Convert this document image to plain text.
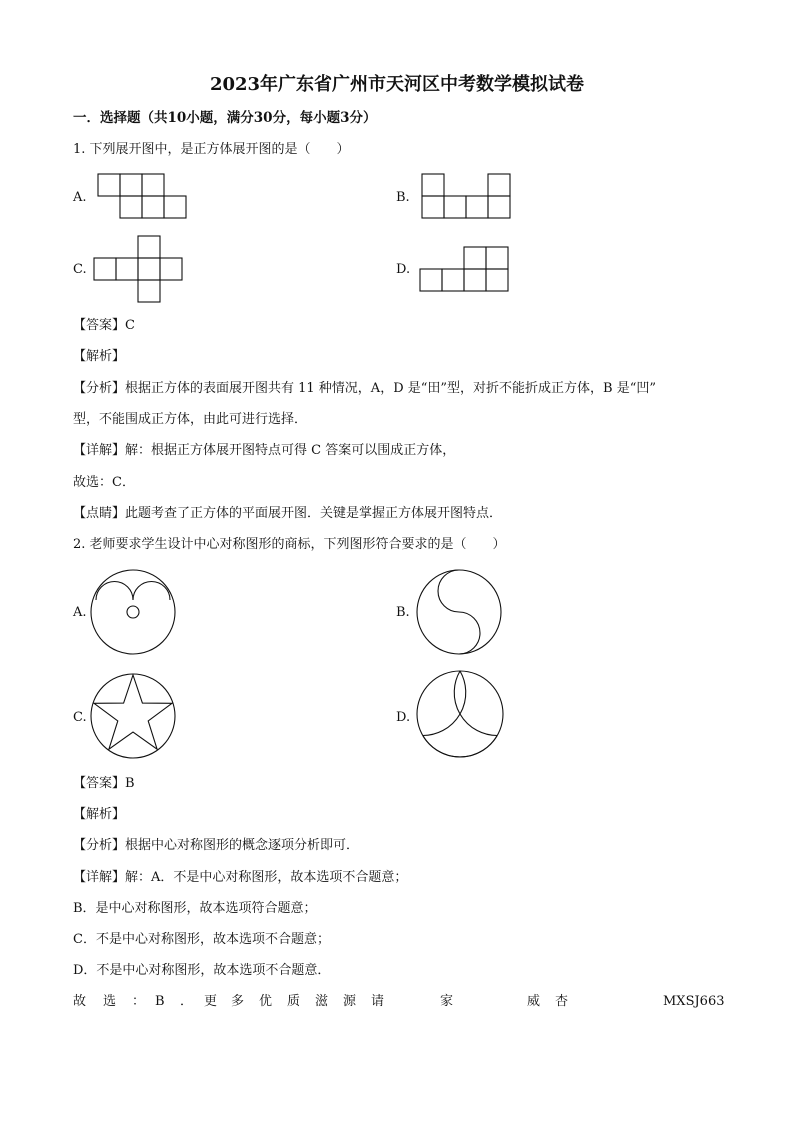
2023年广东省广州市天河区中考数学模拟试卷
一．选择题（共10小题，满分30分，每小题3分）
1. 下列展开图中，是正方体展开图的是（　　）
A.	B.
C.	D.
【答案】C
【解析】
【分析】根据正方体的表面展开图共有 11 种情况，A，D 是“田”型，对折不能折成正方体，B 是“凹”
型，不能围成正方体，由此可进行选择．
【详解】解：根据正方体展开图特点可得 C 答案可以围成正方体，
故选：C．
【点睛】此题考查了正方体的平面展开图．关键是掌握正方体展开图特点．
2. 老师要求学生设计中心对称图形的商标，下列图形符合要求的是（　　）
A.	B.
C.	D.
【答案】B
【解析】
【分析】根据中心对称图形的概念逐项分析即可．
【详解】解：A．不是中心对称图形，故本选项不合题意；
B．是中心对称图形，故本选项符合题意；
C．不是中心对称图形，故本选项不合题意；
D．不是中心对称图形，故本选项不合题意．
故 选 ： B ． 更 多 优 质 滋 源 请	家	威 杏	MXSJ663
